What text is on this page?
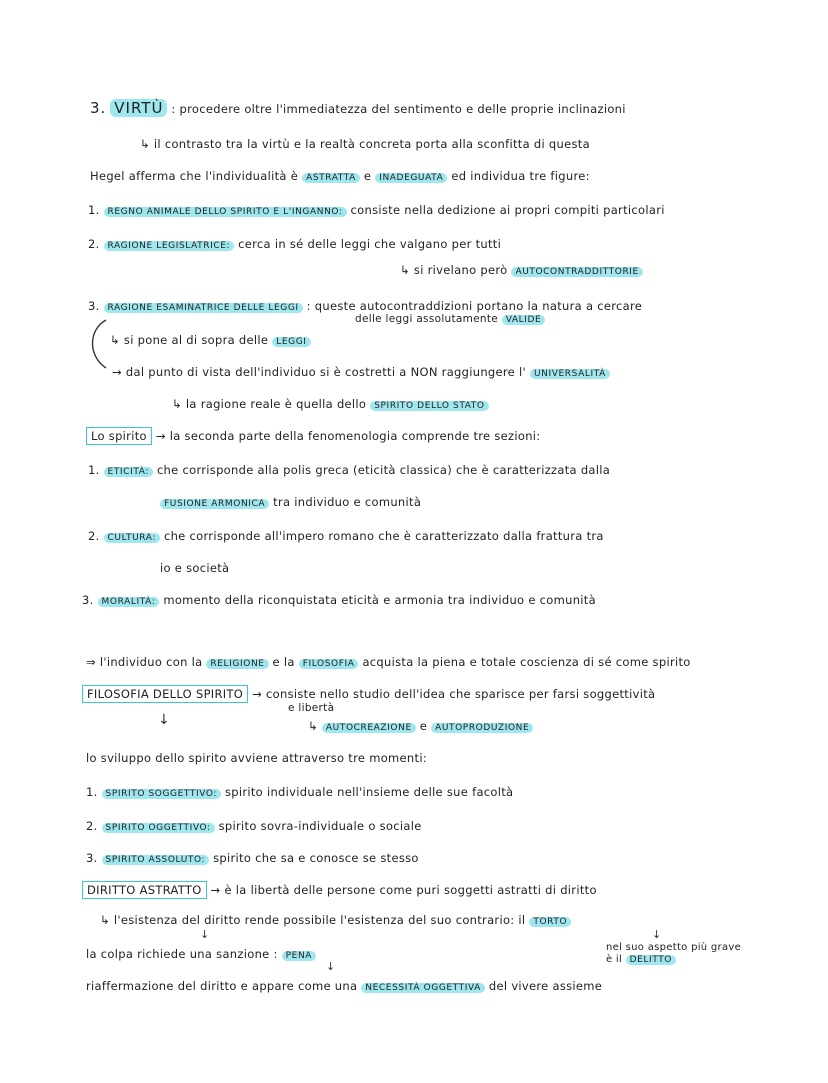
3. VIRTÙ : procedere oltre l'immediatezza del sentimento e delle proprie inclinazioni
↳ il contrasto tra la virtù e la realtà concreta porta alla sconfitta di questa
Hegel afferma che l'individualità è ASTRATTA e INADEGUATA ed individua tre figure:
1. REGNO ANIMALE DELLO SPIRITO E L'INGANNO: consiste nella dedizione ai propri compiti particolari
2. RAGIONE LEGISLATRICE: cerca in sé delle leggi che valgano per tutti
↳ si rivelano però AUTOCONTRADDITTORIE
3. RAGIONE ESAMINATRICE DELLE LEGGI : queste autocontraddizioni portano la natura a cercare
delle leggi assolutamente VALIDE
↳ si pone al di sopra delle LEGGI
→ dal punto di vista dell'individuo si è costretti a NON raggiungere l' UNIVERSALITÀ
↳ la ragione reale è quella dello SPIRITO DELLO STATO
Lo spirito → la seconda parte della fenomenologia comprende tre sezioni:
1. ETICITÀ: che corrisponde alla polis greca (eticità classica) che è caratterizzata dalla
FUSIONE ARMONICA tra individuo e comunità
2. CULTURA: che corrisponde all'impero romano che è caratterizzato dalla frattura tra
io e società
3. MORALITÀ: momento della riconquistata eticità e armonia tra individuo e comunità
⇒ l'individuo con la RELIGIONE e la FILOSOFIA acquista la piena e totale coscienza di sé come spirito
FILOSOFIA DELLO SPIRITO → consiste nello studio dell'idea che sparisce per farsi soggettività
e libertà
↳ AUTOCREAZIONE e AUTOPRODUZIONE
↓
lo sviluppo dello spirito avviene attraverso tre momenti:
1. SPIRITO SOGGETTIVO: spirito individuale nell'insieme delle sue facoltà
2. SPIRITO OGGETTIVO: spirito sovra-individuale o sociale
3. SPIRITO ASSOLUTO: spirito che sa e conosce se stesso
DIRITTO ASTRATTO → è la libertà delle persone come puri soggetti astratti di diritto
↳ l'esistenza del diritto rende possibile l'esistenza del suo contrario: il TORTO
↓	↓
la colpa richiede una sanzione : PENA
↓
nel suo aspetto più grave
è il DELITTO
riaffermazione del diritto e appare come una NECESSITÀ OGGETTIVA del vivere assieme
